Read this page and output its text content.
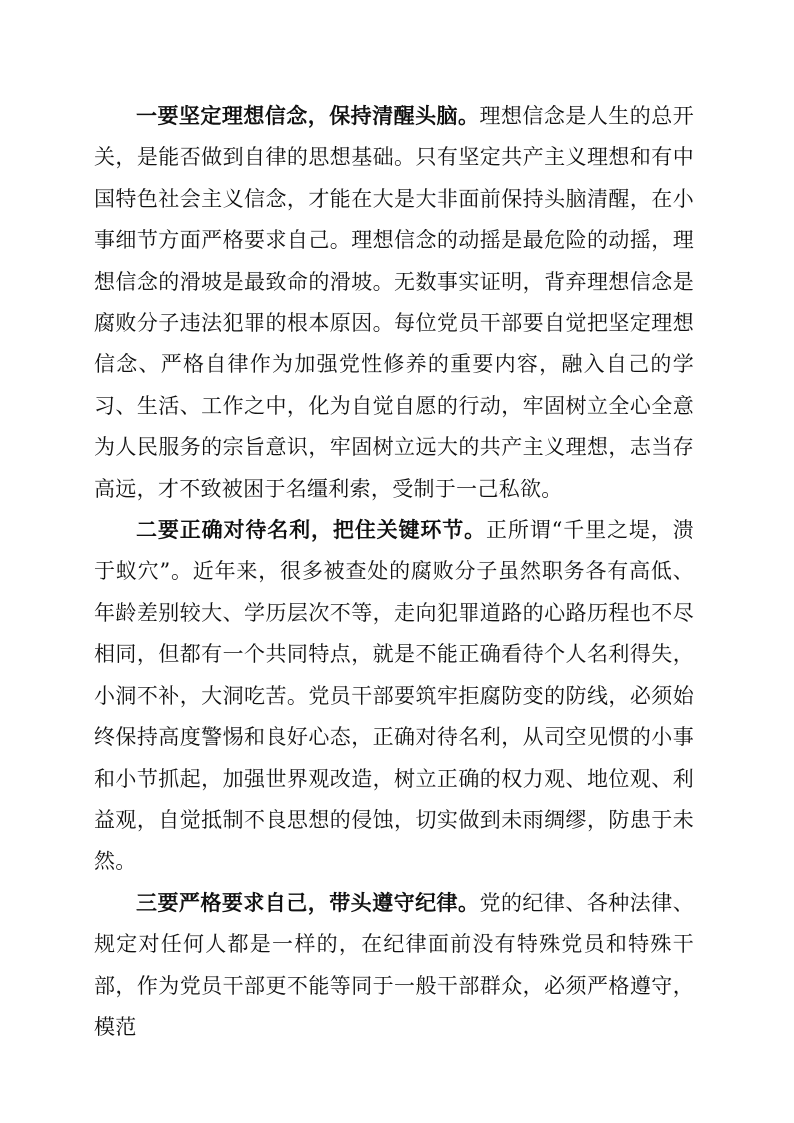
一要坚定理想信念，保持清醒头脑。理想信念是人生的总开关，是能否做到自律的思想基础。只有坚定共产主义理想和有中国特色社会主义信念，才能在大是大非面前保持头脑清醒，在小事细节方面严格要求自己。理想信念的动摇是最危险的动摇，理想信念的滑坡是最致命的滑坡。无数事实证明，背弃理想信念是腐败分子违法犯罪的根本原因。每位党员干部要自觉把坚定理想信念、严格自律作为加强党性修养的重要内容，融入自己的学习、生活、工作之中，化为自觉自愿的行动，牢固树立全心全意为人民服务的宗旨意识，牢固树立远大的共产主义理想，志当存高远，才不致被困于名缰利索，受制于一己私欲。

二要正确对待名利，把住关键环节。正所谓“千里之堤，溃于蚁穴”。近年来，很多被查处的腐败分子虽然职务各有高低、年龄差别较大、学历层次不等，走向犯罪道路的心路历程也不尽相同，但都有一个共同特点，就是不能正确看待个人名利得失，小洞不补，大洞吃苦。党员干部要筑牢拒腐防变的防线，必须始终保持高度警惕和良好心态，正确对待名利，从司空见惯的小事和小节抓起，加强世界观改造，树立正确的权力观、地位观、利益观，自觉抵制不良思想的侵蚀，切实做到未雨绸缪，防患于未然。

三要严格要求自己，带头遵守纪律。党的纪律、各种法律、规定对任何人都是一样的，在纪律面前没有特殊党员和特殊干部，作为党员干部更不能等同于一般干部群众，必须严格遵守，模范
